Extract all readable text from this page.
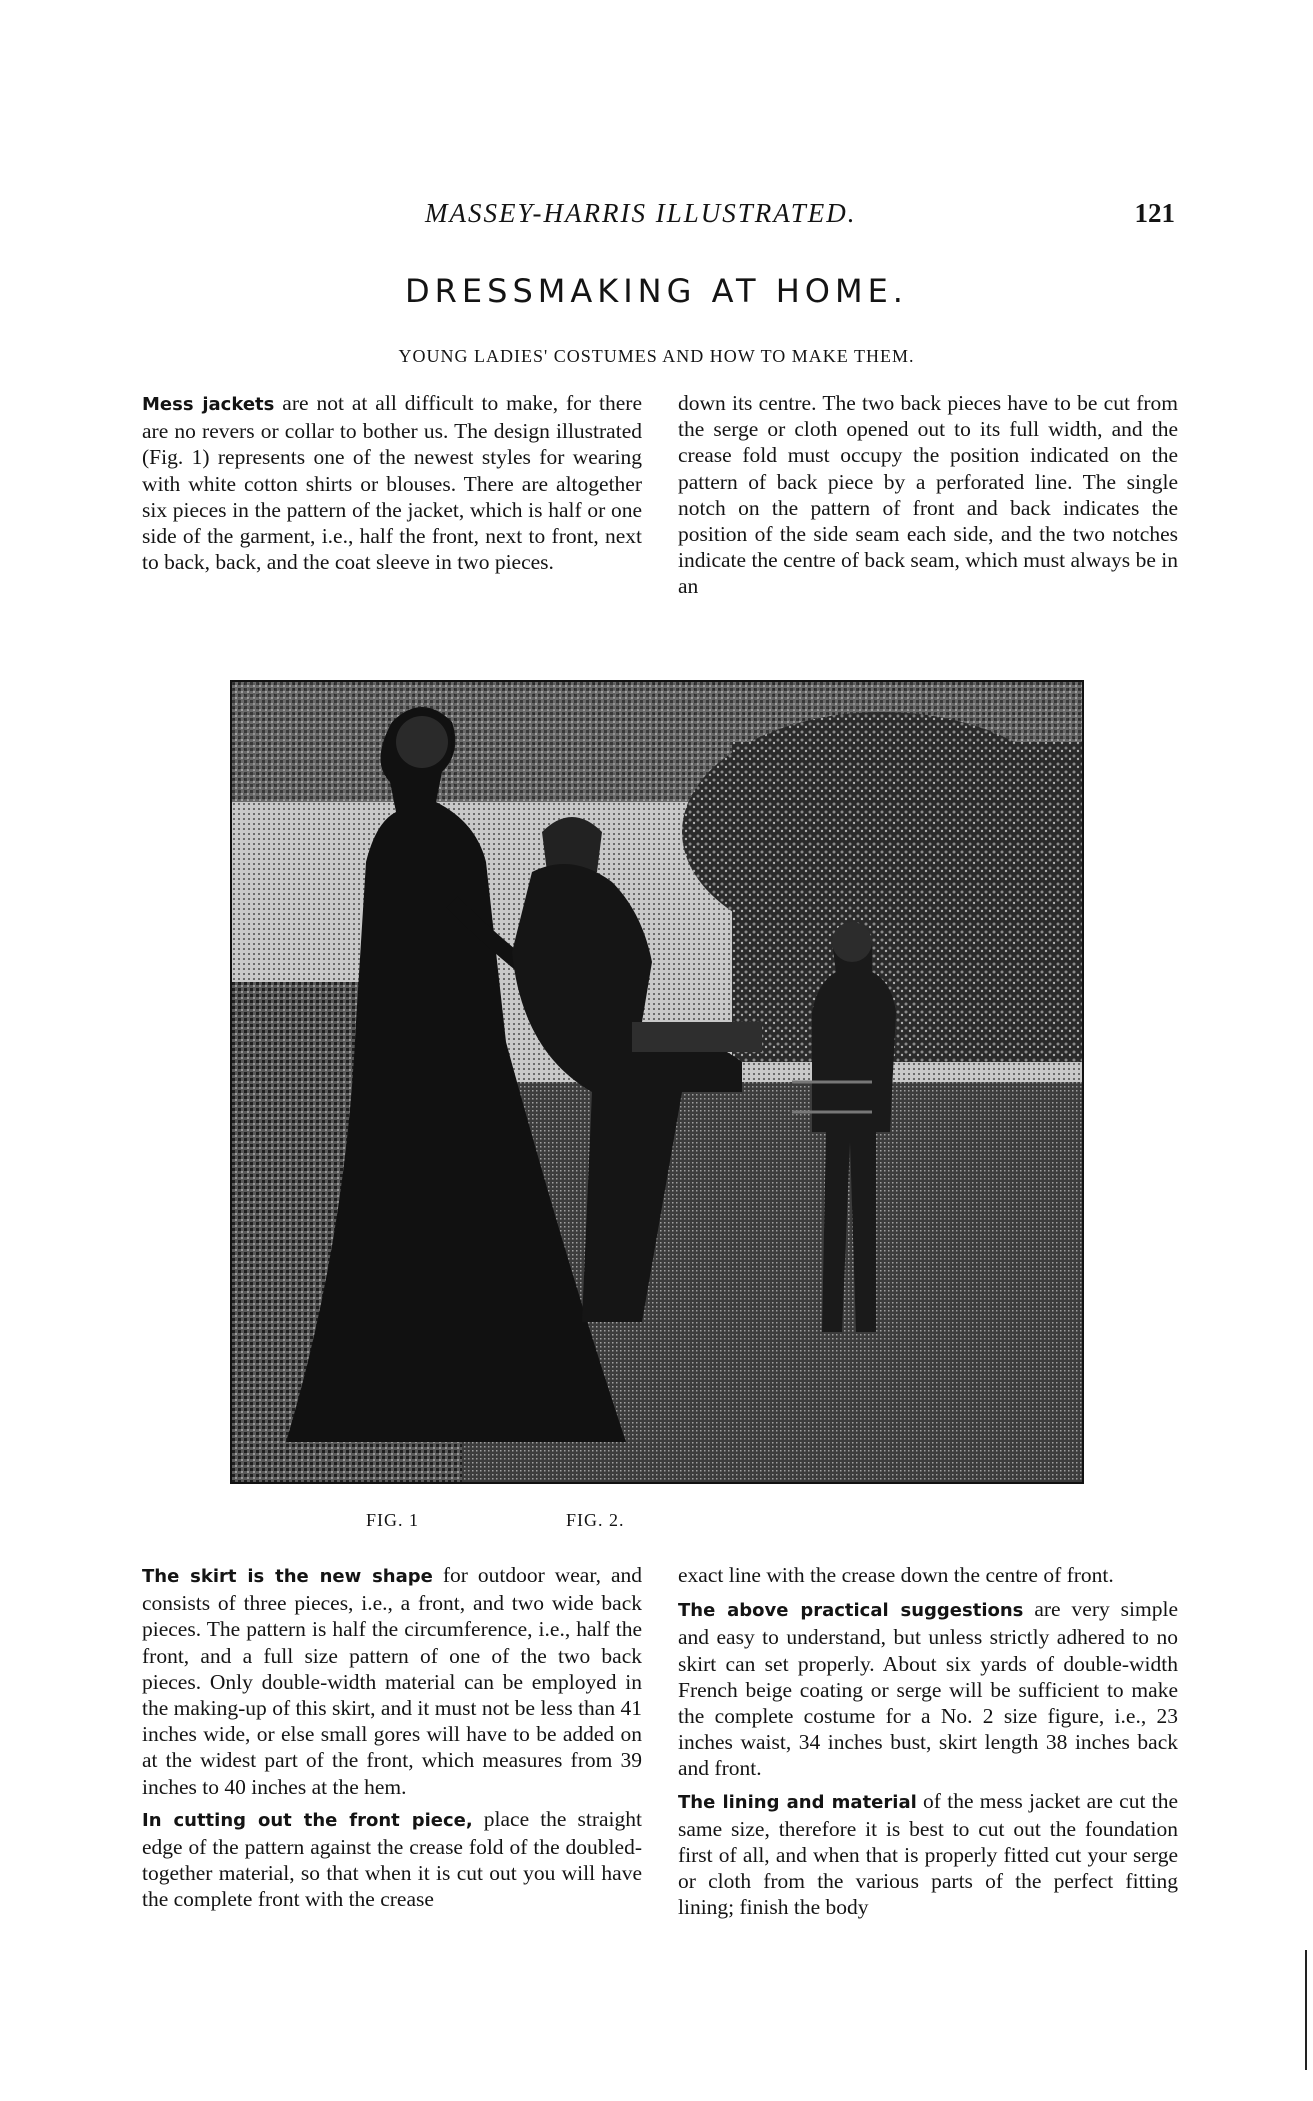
MASSEY-HARRIS ILLUSTRATED.	121
DRESSMAKING AT HOME.
YOUNG LADIES' COSTUMES AND HOW TO MAKE THEM.

Mess jackets are not at all difficult to make, for there are no revers or collar to bother us. The design illustrated (Fig. 1) represents one of the newest styles for wearing with white cotton shirts or blouses. There are altogether six pieces in the pattern of the jacket, which is half or one side of the garment, i.e., half the front, next to front, next to back, back, and the coat sleeve in two pieces.

down its centre. The two back pieces have to be cut from the serge or cloth opened out to its full width, and the crease fold must occupy the position indicated on the pattern of back piece by a perforated line. The single notch on the pattern of front and back indicates the position of the side seam each side, and the two notches indicate the centre of back seam, which must always be in an

FIG. 1	FIG. 2.

The skirt is the new shape for outdoor wear, and consists of three pieces, i.e., a front, and two wide back pieces. The pattern is half the circumference, i.e., half the front, and a full size pattern of one of the two back pieces. Only double-width material can be employed in the making-up of this skirt, and it must not be less than 41 inches wide, or else small gores will have to be added on at the widest part of the front, which measures from 39 inches to 40 inches at the hem.

In cutting out the front piece, place the straight edge of the pattern against the crease fold of the doubled-together material, so that when it is cut out you will have the complete front with the crease

exact line with the crease down the centre of front.

The above practical suggestions are very simple and easy to understand, but unless strictly adhered to no skirt can set properly. About six yards of double-width French beige coating or serge will be sufficient to make the complete costume for a No. 2 size figure, i.e., 23 inches waist, 34 inches bust, skirt length 38 inches back and front.

The lining and material of the mess jacket are cut the same size, therefore it is best to cut out the foundation first of all, and when that is properly fitted cut your serge or cloth from the various parts of the perfect fitting lining; finish the body
